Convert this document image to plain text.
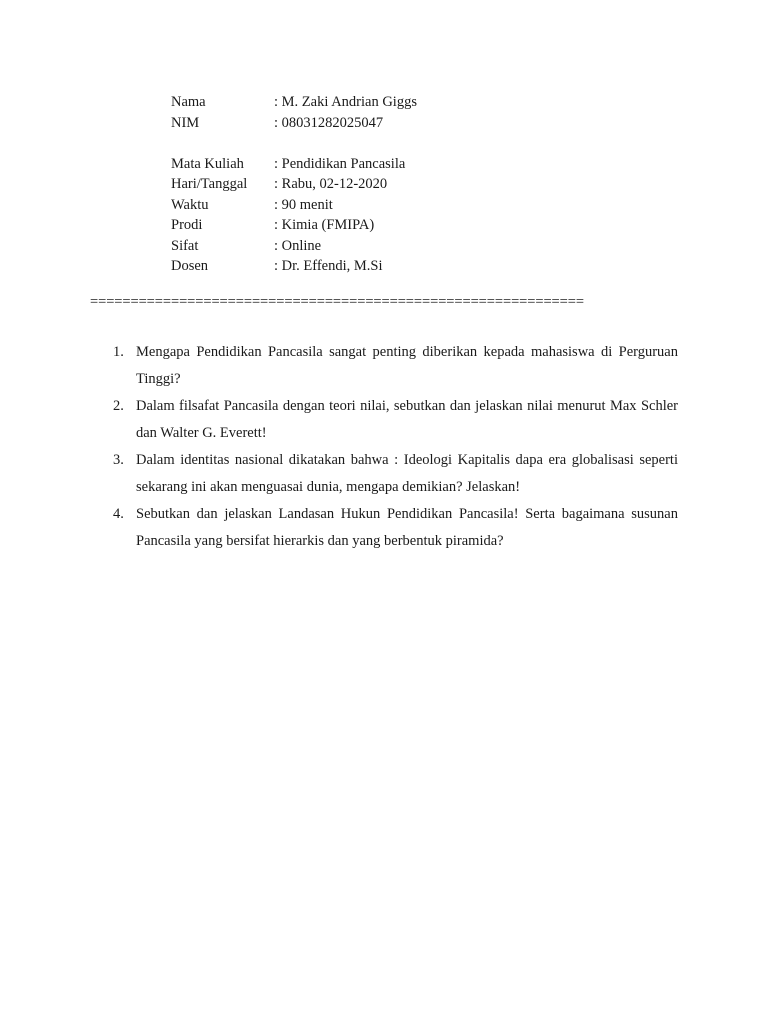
Nama	: M. Zaki Andrian Giggs
NIM	: 08031282025047
Mata Kuliah	: Pendidikan Pancasila
Hari/Tanggal	: Rabu, 02-12-2020
Waktu	: 90 menit
Prodi	: Kimia (FMIPA)
Sifat	: Online
Dosen	: Dr. Effendi, M.Si
=============================================================
1. Mengapa Pendidikan Pancasila sangat penting diberikan kepada mahasiswa di Perguruan Tinggi?
2. Dalam filsafat Pancasila dengan teori nilai, sebutkan dan jelaskan nilai menurut Max Schler dan Walter G. Everett!
3. Dalam identitas nasional dikatakan bahwa : Ideologi Kapitalis dapa era globalisasi seperti sekarang ini akan menguasai dunia, mengapa demikian? Jelaskan!
4. Sebutkan dan jelaskan Landasan Hukun Pendidikan Pancasila! Serta bagaimana susunan Pancasila yang bersifat hierarkis dan yang berbentuk piramida?
